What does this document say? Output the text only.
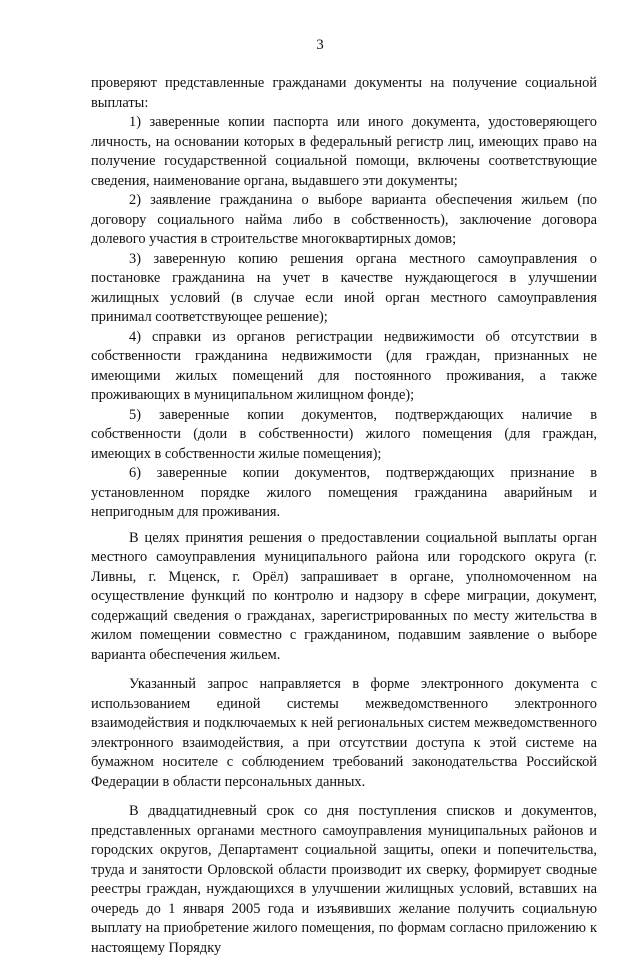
3

проверяют представленные гражданами документы на получение социальной выплаты:

1) заверенные копии паспорта или иного документа, удостоверяющего личность, на основании которых в федеральный регистр лиц, имеющих право на получение государственной социальной помощи, включены соответствующие сведения, наименование органа, выдавшего эти документы;

2) заявление гражданина о выборе варианта обеспечения жильем (по договору социального найма либо в собственность), заключение договора долевого участия в строительстве многоквартирных домов;

3) заверенную копию решения органа местного самоуправления о постановке гражданина на учет в качестве нуждающегося в улучшении жилищных условий (в случае если иной орган местного самоуправления принимал соответствующее решение);

4) справки из органов регистрации недвижимости об отсутствии в собственности гражданина недвижимости (для граждан, признанных не имеющими жилых помещений для постоянного проживания, а также проживающих в муниципальном жилищном фонде);

5) заверенные копии документов, подтверждающих наличие в собственности (доли в собственности) жилого помещения (для граждан, имеющих в собственности жилые помещения);

6) заверенные копии документов, подтверждающих признание в установленном порядке жилого помещения гражданина аварийным и непригодным для проживания.

В целях принятия решения о предоставлении социальной выплаты орган местного самоуправления муниципального района или городского округа (г. Ливны, г. Мценск, г. Орёл) запрашивает в органе, уполномоченном на осуществление функций по контролю и надзору в сфере миграции, документ, содержащий сведения о гражданах, зарегистрированных по месту жительства в жилом помещении совместно с гражданином, подавшим заявление о выборе варианта обеспечения жильем.

Указанный запрос направляется в форме электронного документа с использованием единой системы межведомственного электронного взаимодействия и подключаемых к ней региональных систем межведомственного электронного взаимодействия, а при отсутствии доступа к этой системе на бумажном носителе с соблюдением требований законодательства Российской Федерации в области персональных данных.

В двадцатидневный срок со дня поступления списков и документов, представленных органами местного самоуправления муниципальных районов и городских округов, Департамент социальной защиты, опеки и попечительства, труда и занятости Орловской области производит их сверку, формирует сводные реестры граждан, нуждающихся в улучшении жилищных условий, вставших на очередь до 1 января 2005 года и изъявивших желание получить социальную выплату на приобретение жилого помещения, по формам согласно приложению к настоящему Порядку
